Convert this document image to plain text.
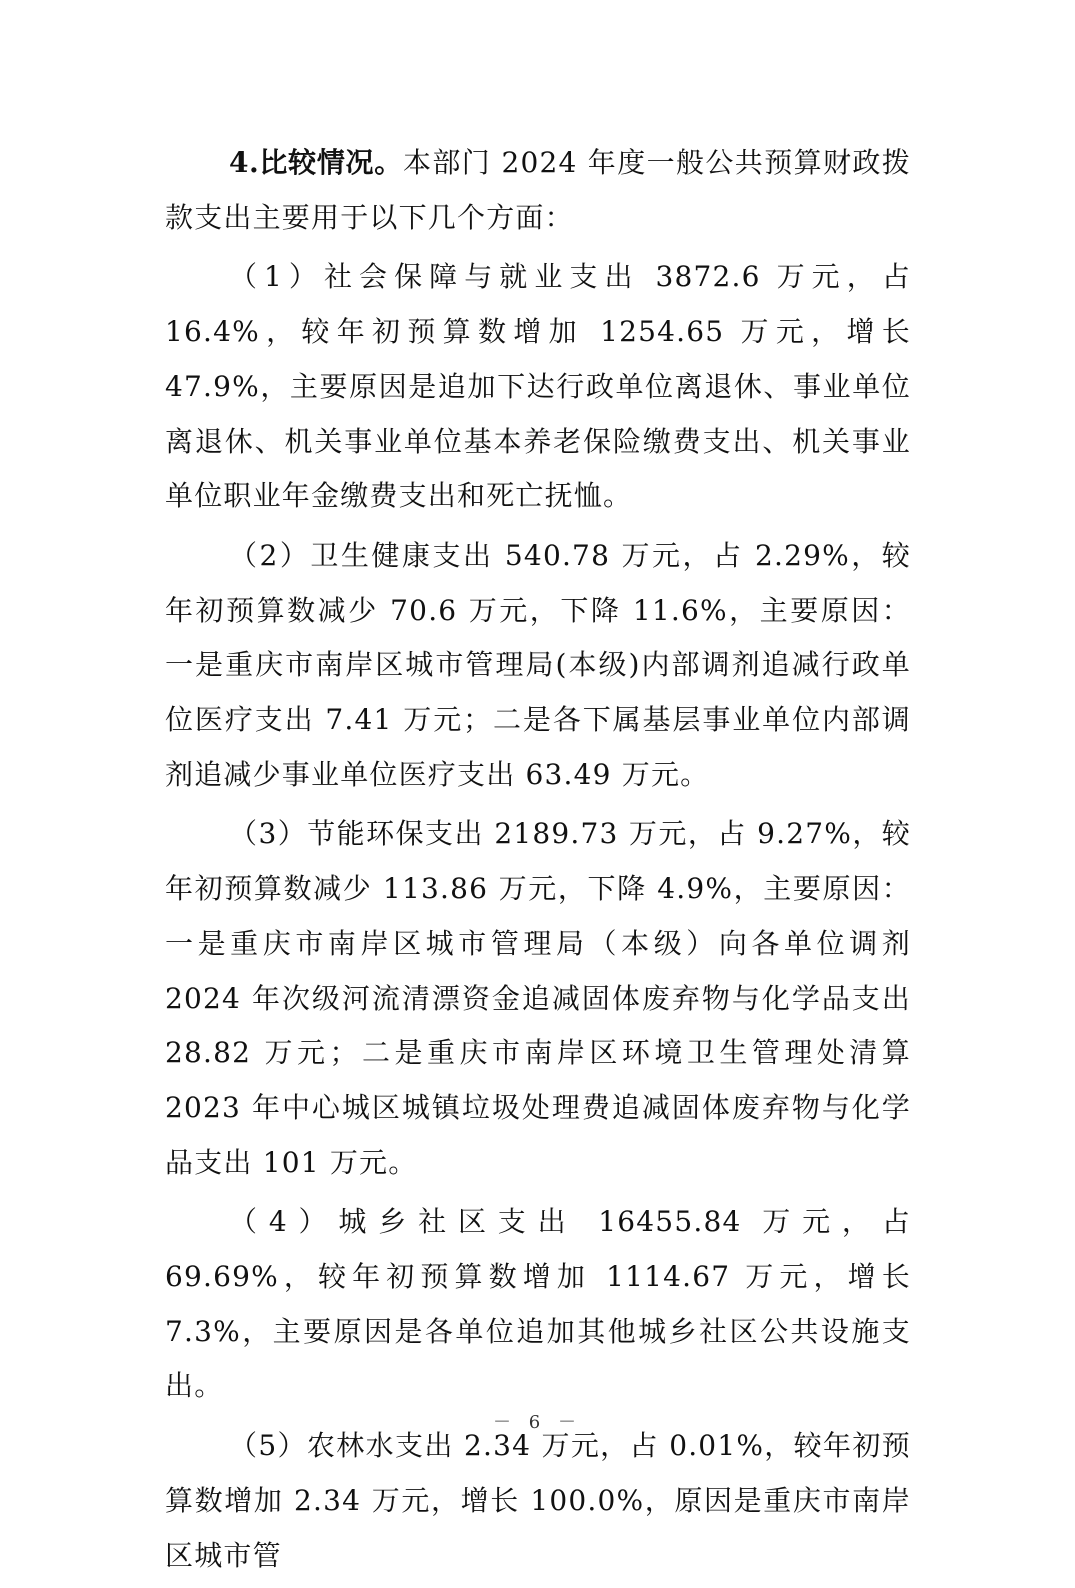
4.比较情况。本部门 2024 年度一般公共预算财政拨款支出主要用于以下几个方面：

（1）社会保障与就业支出 3872.6 万元，占 16.4%，较年初预算数增加 1254.65 万元，增长 47.9%，主要原因是追加下达行政单位离退休、事业单位离退休、机关事业单位基本养老保险缴费支出、机关事业单位职业年金缴费支出和死亡抚恤。

（2）卫生健康支出 540.78 万元，占 2.29%，较年初预算数减少 70.6 万元，下降 11.6%，主要原因：一是重庆市南岸区城市管理局(本级)内部调剂追减行政单位医疗支出 7.41 万元；二是各下属基层事业单位内部调剂追减少事业单位医疗支出 63.49 万元。

（3）节能环保支出 2189.73 万元，占 9.27%，较年初预算数减少 113.86 万元，下降 4.9%，主要原因：一是重庆市南岸区城市管理局（本级）向各单位调剂 2024 年次级河流清漂资金追减固体废弃物与化学品支出 28.82 万元；二是重庆市南岸区环境卫生管理处清算 2023 年中心城区城镇垃圾处理费追减固体废弃物与化学品支出 101 万元。

（4）城乡社区支出 16455.84 万元，占 69.69%，较年初预算数增加 1114.67 万元，增长 7.3%，主要原因是各单位追加其他城乡社区公共设施支出。

（5）农林水支出 2.34 万元，占 0.01%，较年初预算数增加 2.34 万元，增长 100.0%，原因是重庆市南岸区城市管

－ 6 －
